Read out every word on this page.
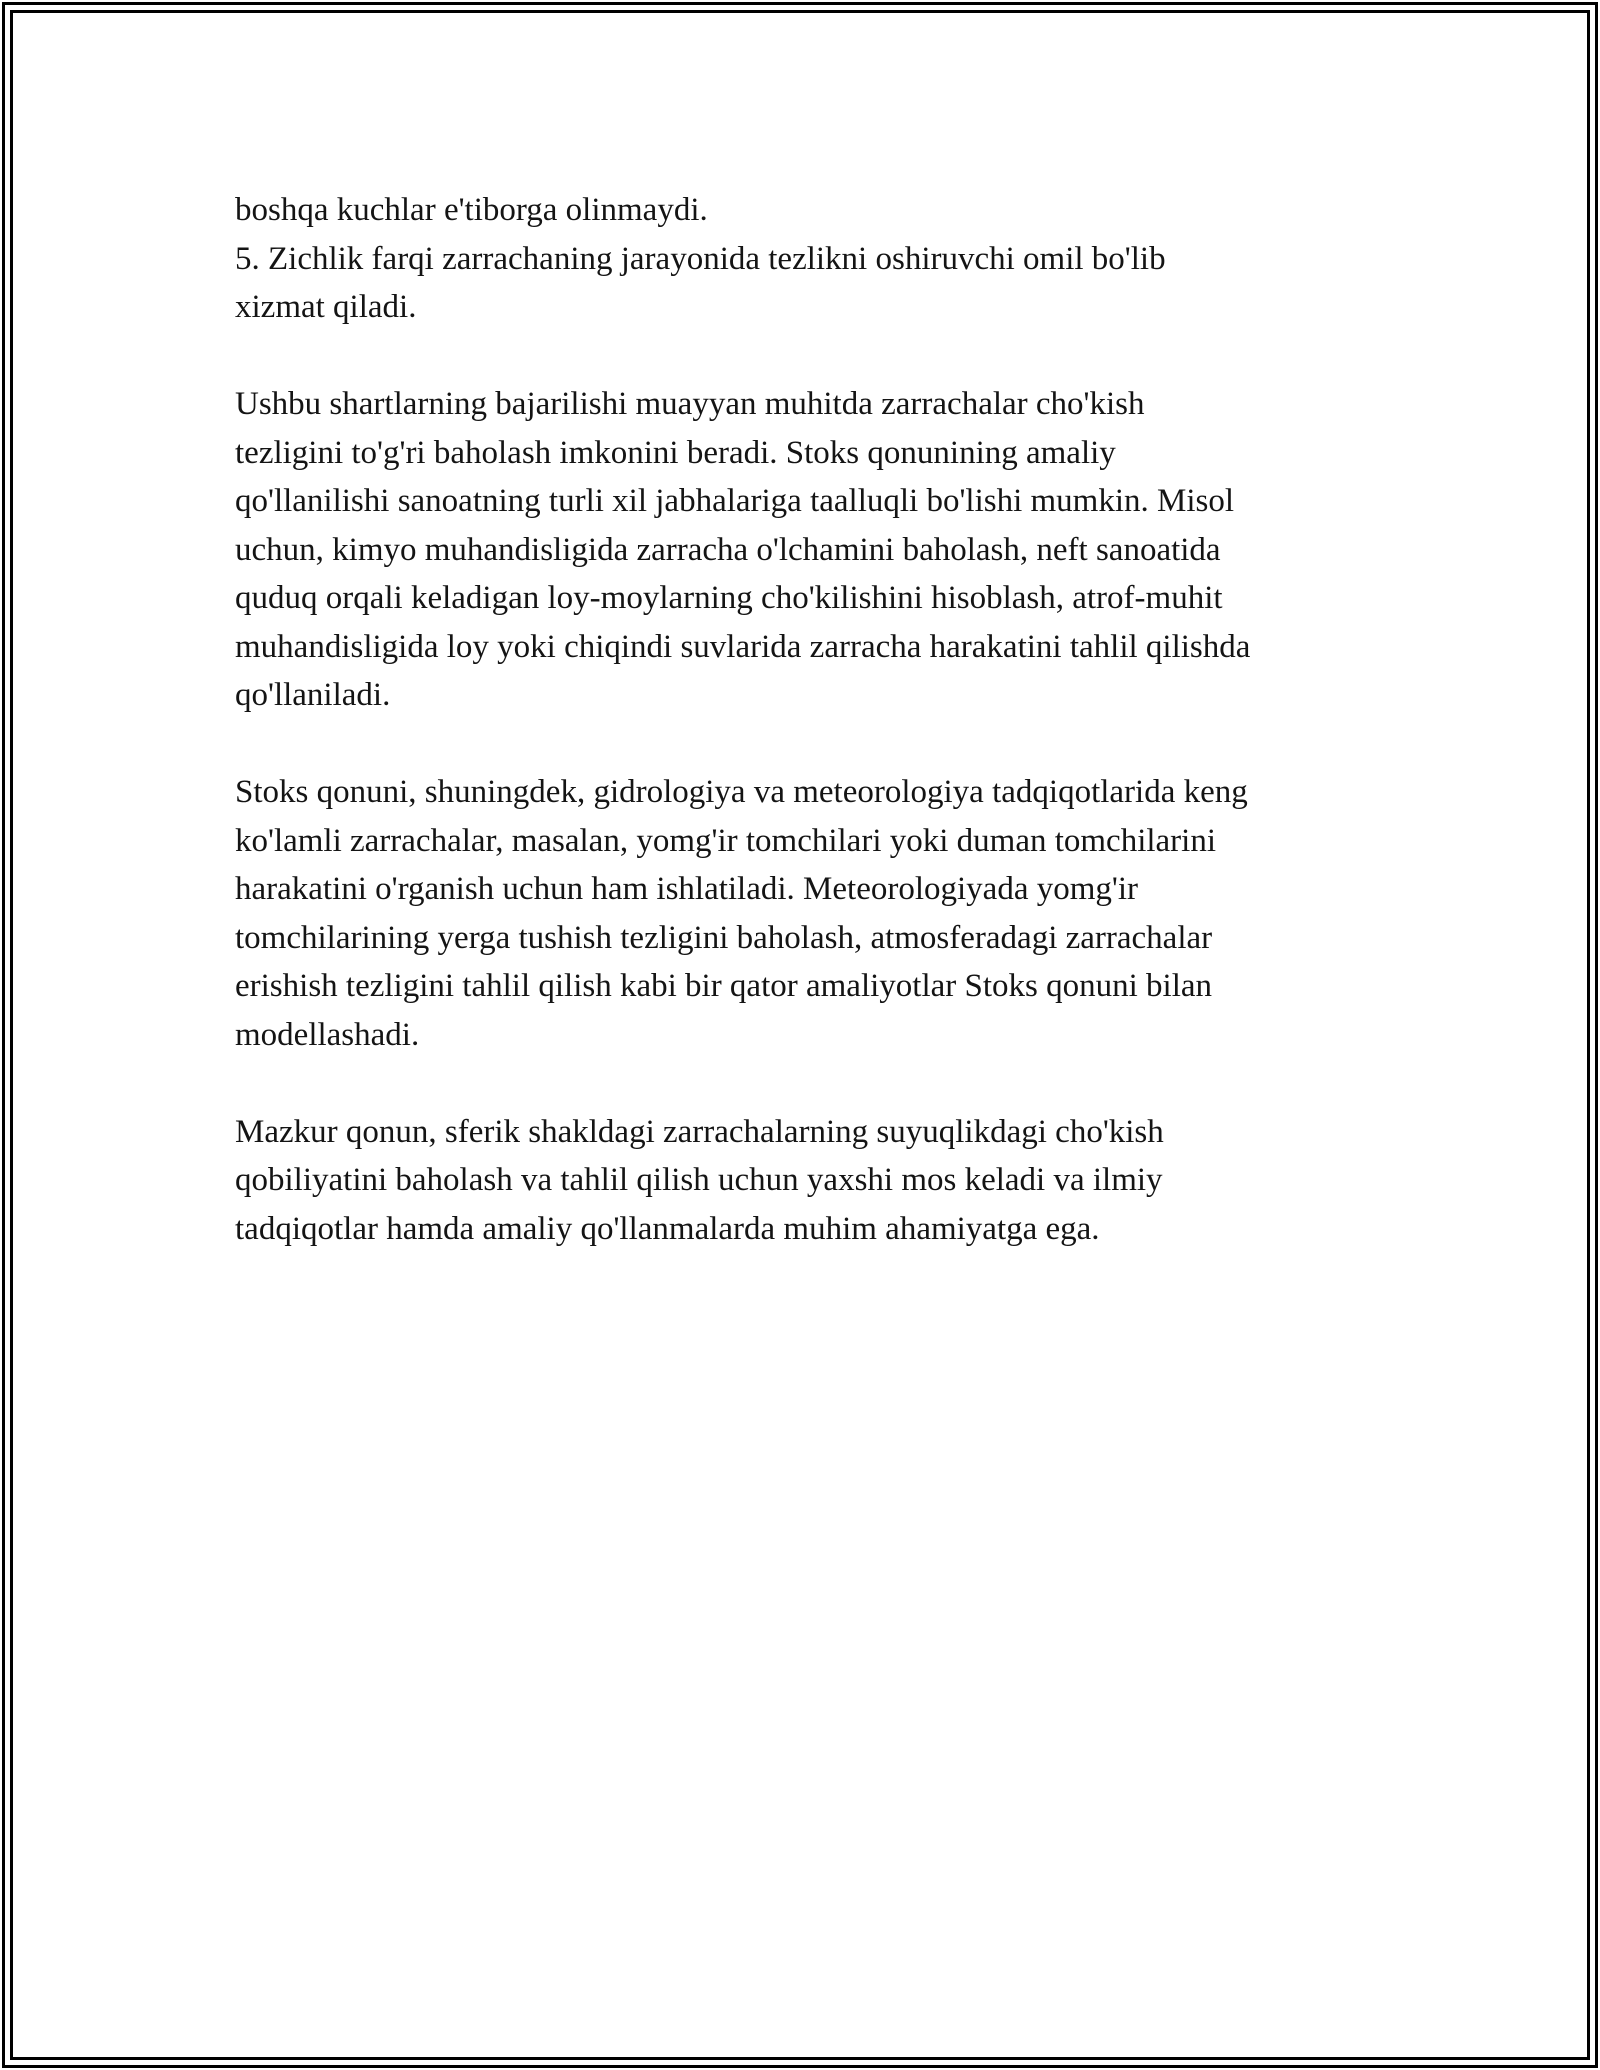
boshqa kuchlar e'tiborga olinmaydi.
5. Zichlik farqi zarrachaning jarayonida tezlikni oshiruvchi omil bo'lib
xizmat qiladi.
Ushbu shartlarning bajarilishi muayyan muhitda zarrachalar cho'kish
tezligini to'g'ri baholash imkonini beradi. Stoks qonunining amaliy
qo'llanilishi sanoatning turli xil jabhalariga taalluqli bo'lishi mumkin. Misol
uchun, kimyo muhandisligida zarracha o'lchamini baholash, neft sanoatida
quduq orqali keladigan loy-moylarning cho'kilishini hisoblash, atrof-muhit
muhandisligida loy yoki chiqindi suvlarida zarracha harakatini tahlil qilishda
qo'llaniladi.
Stoks qonuni, shuningdek, gidrologiya va meteorologiya tadqiqotlarida keng
ko'lamli zarrachalar, masalan, yomg'ir tomchilari yoki duman tomchilarini
harakatini o'rganish uchun ham ishlatiladi. Meteorologiyada yomg'ir
tomchilarining yerga tushish tezligini baholash, atmosferadagi zarrachalar
erishish tezligini tahlil qilish kabi bir qator amaliyotlar Stoks qonuni bilan
modellashadi.
Mazkur qonun, sferik shakldagi zarrachalarning suyuqlikdagi cho'kish
qobiliyatini baholash va tahlil qilish uchun yaxshi mos keladi va ilmiy
tadqiqotlar hamda amaliy qo'llanmalarda muhim ahamiyatga ega.
